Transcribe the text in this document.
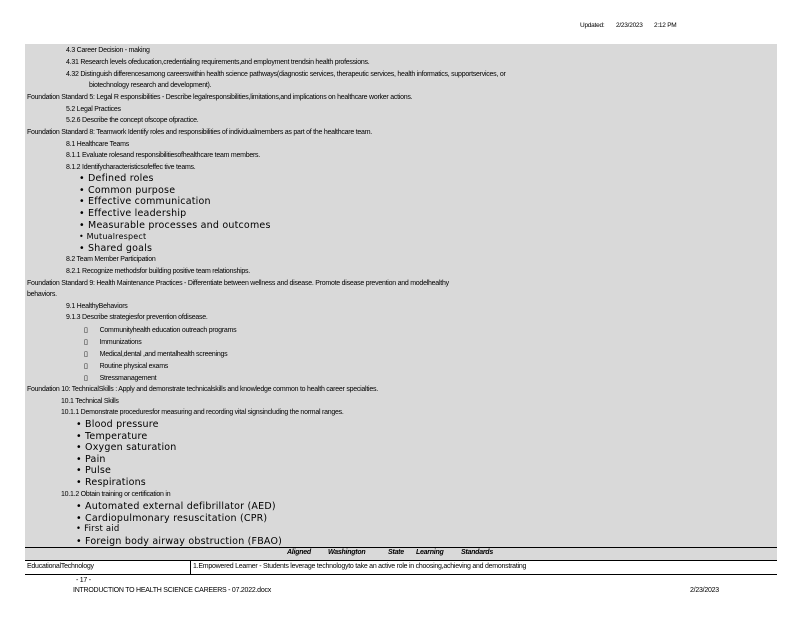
Updated: 2/23/2023 2:12 PM
4.3 Career Decision - making
4.31 Research levels ofeducation,credentialing requirements,and employment trendsin health professions.
4.32 Distinguish differencesamong careerswithin health science pathways(diagnostic services, therapeutic services, health informatics, supportservices, or
biotechnology research and development).
Foundation Standard 5: Legal R esponsibilities - Describe legalresponsibilities,limitations,and implications on healthcare worker actions.
5.2 Legal Practices
5.2.6 Describe the concept ofscope ofpractice.
Foundation Standard 8: Teamwork Identify roles and responsibilities of individualmembers as part of the healthcare team.
8.1 Healthcare Teams
8.1.1 Evaluate rolesand responsibilitiesofhealthcare team members.
8.1.2 Identifycharacteristicsofeffec tive teams.
• Defined roles
• Common purpose
• Effective communication
• Effective leadership
• Measurable processes and outcomes
• Mutualrespect
• Shared goals
8.2 Team Member Participation
8.2.1 Recognize methodsfor building positive team relationships.
Foundation Standard 9: Health Maintenance Practices - Differentiate between wellness and disease. Promote disease prevention and modelhealthy
behaviors.
9.1 HealthyBehaviors
9.1.3 Describe strategiesfor prevention ofdisease.
▯ Communityhealth education outreach programs
▯ Immunizations
▯ Medical,dental ,and mentalhealth screenings
▯ Routine physical exams
▯ Stressmanagement
Foundation 10: TechnicalSkills : Apply and demonstrate technicalskills and knowledge common to health career specialties.
10.1 Technical Skills
10.1.1 Demonstrate proceduresfor measuring and recording vital signsincluding the normal ranges.
• Blood pressure
• Temperature
• Oxygen saturation
• Pain
• Pulse
• Respirations
10.1.2 Obtain training or certification in
• Automated external defibrillator (AED)
• Cardiopulmonary resuscitation (CPR)
• First aid
• Foreign body airway obstruction (FBAO)
Aligned Washington	State Learning Standards
EducationalTechnology	1.Empowered Learner - Students leverage technologyto take an active role in choosing,achieving and demonstrating
- 17 -
INTRODUCTION TO HEALTH SCIENCE CAREERS - 07.2022.docx	2/23/2023
